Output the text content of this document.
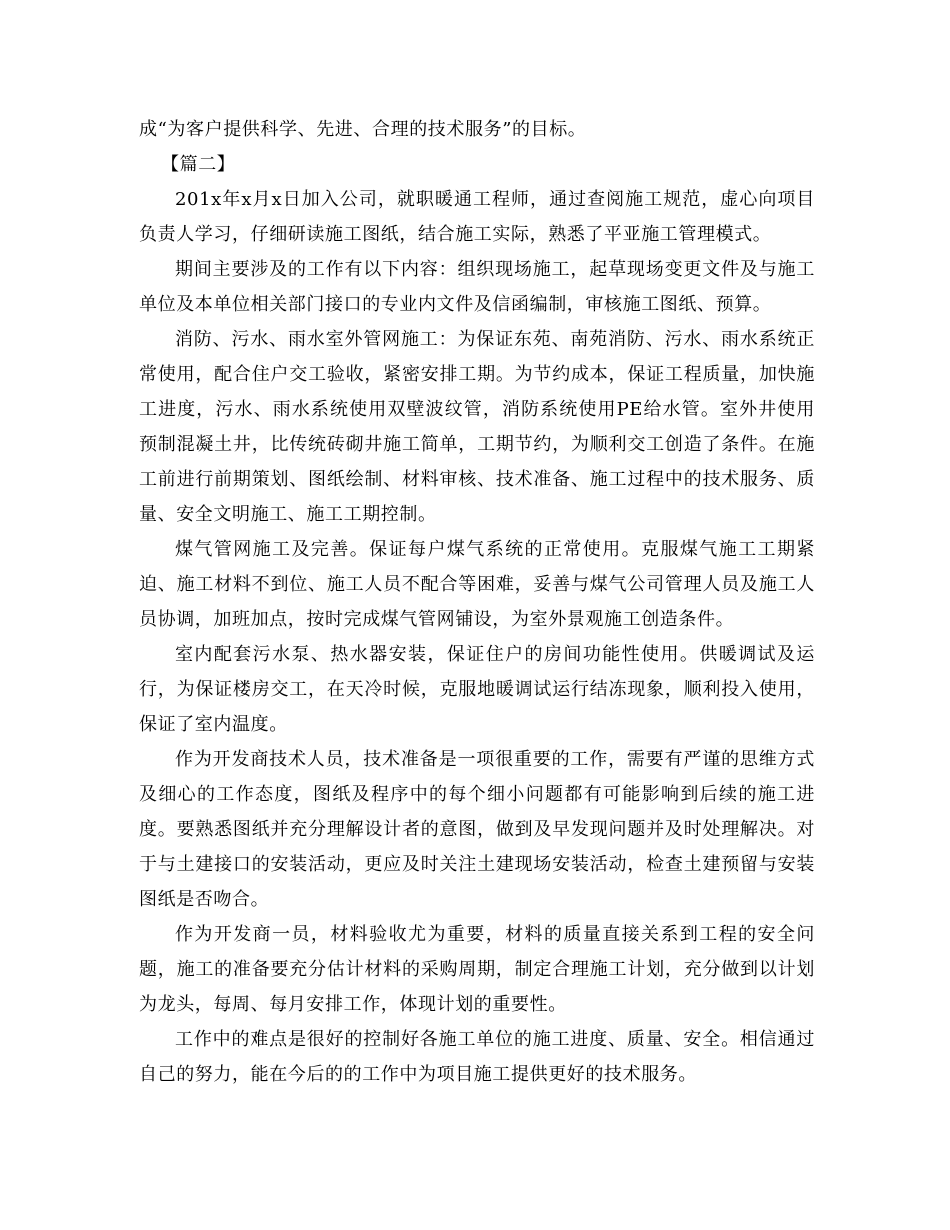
成“为客户提供科学、先进、合理的技术服务”的目标。

【篇二】

201x年x月x日加入公司，就职暖通工程师，通过查阅施工规范，虚心向项目负责人学习，仔细研读施工图纸，结合施工实际，熟悉了平亚施工管理模式。

期间主要涉及的工作有以下内容：组织现场施工，起草现场变更文件及与施工单位及本单位相关部门接口的专业内文件及信函编制，审核施工图纸、预算。

消防、污水、雨水室外管网施工：为保证东苑、南苑消防、污水、雨水系统正常使用，配合住户交工验收，紧密安排工期。为节约成本，保证工程质量，加快施工进度，污水、雨水系统使用双壁波纹管，消防系统使用PE给水管。室外井使用预制混凝土井，比传统砖砌井施工简单，工期节约，为顺利交工创造了条件。在施工前进行前期策划、图纸绘制、材料审核、技术准备、施工过程中的技术服务、质量、安全文明施工、施工工期控制。

煤气管网施工及完善。保证每户煤气系统的正常使用。克服煤气施工工期紧迫、施工材料不到位、施工人员不配合等困难，妥善与煤气公司管理人员及施工人员协调，加班加点，按时完成煤气管网铺设，为室外景观施工创造条件。

室内配套污水泵、热水器安装，保证住户的房间功能性使用。供暖调试及运行，为保证楼房交工，在天冷时候，克服地暖调试运行结冻现象，顺利投入使用，保证了室内温度。

作为开发商技术人员，技术准备是一项很重要的工作，需要有严谨的思维方式及细心的工作态度，图纸及程序中的每个细小问题都有可能影响到后续的施工进度。要熟悉图纸并充分理解设计者的意图，做到及早发现问题并及时处理解决。对于与土建接口的安装活动，更应及时关注土建现场安装活动，检查土建预留与安装图纸是否吻合。

作为开发商一员，材料验收尤为重要，材料的质量直接关系到工程的安全问题，施工的准备要充分估计材料的采购周期，制定合理施工计划，充分做到以计划为龙头，每周、每月安排工作，体现计划的重要性。

工作中的难点是很好的控制好各施工单位的施工进度、质量、安全。相信通过自己的努力，能在今后的的工作中为项目施工提供更好的技术服务。
